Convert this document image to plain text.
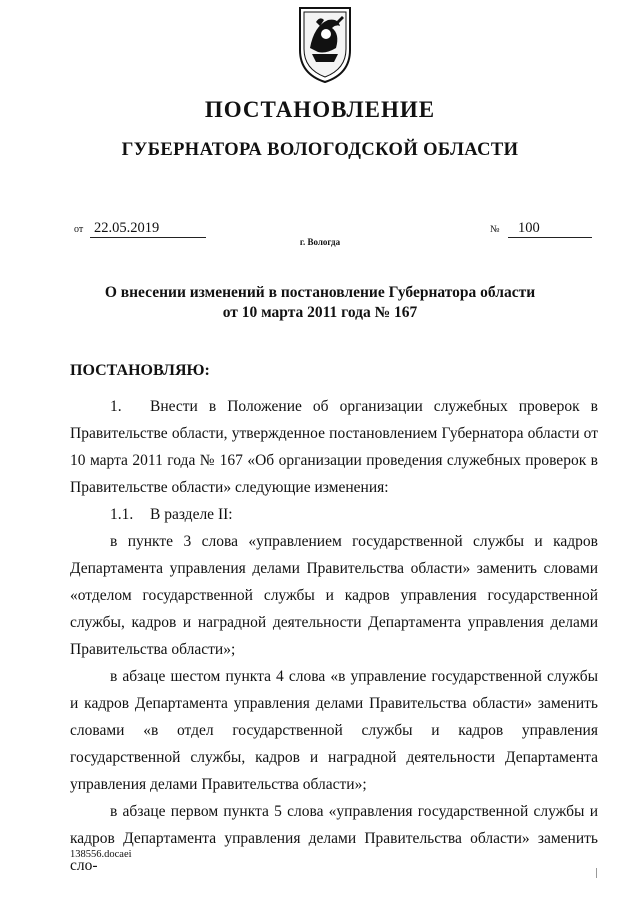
ПОСТАНОВЛЕНИЕ
ГУБЕРНАТОРА ВОЛОГОДСКОЙ ОБЛАСТИ
от 22.05.2019	№	100
г. Вологда
О внесении изменений в постановление Губернатора области
от 10 марта 2011 года № 167
ПОСТАНОВЛЯЮ:

1. Внести в Положение об организации служебных проверок в Правительстве области, утвержденное постановлением Губернатора области от 10 марта 2011 года № 167 «Об организации проведения служебных проверок в Правительстве области» следующие изменения:

1.1. В разделе II:

в пункте 3 слова «управлением государственной службы и кадров Департамента управления делами Правительства области» заменить словами «отделом государственной службы и кадров управления государственной службы, кадров и наградной деятельности Департамента управления делами Правительства области»;

в абзаце шестом пункта 4 слова «в управление государственной службы и кадров Департамента управления делами Правительства области» заменить словами «в отдел государственной службы и кадров управления государственной службы, кадров и наградной деятельности Департамента управления делами Правительства области»;

в абзаце первом пункта 5 слова «управления государственной службы и кадров Департамента управления делами Правительства области» заменить сло-

138556.docaei
